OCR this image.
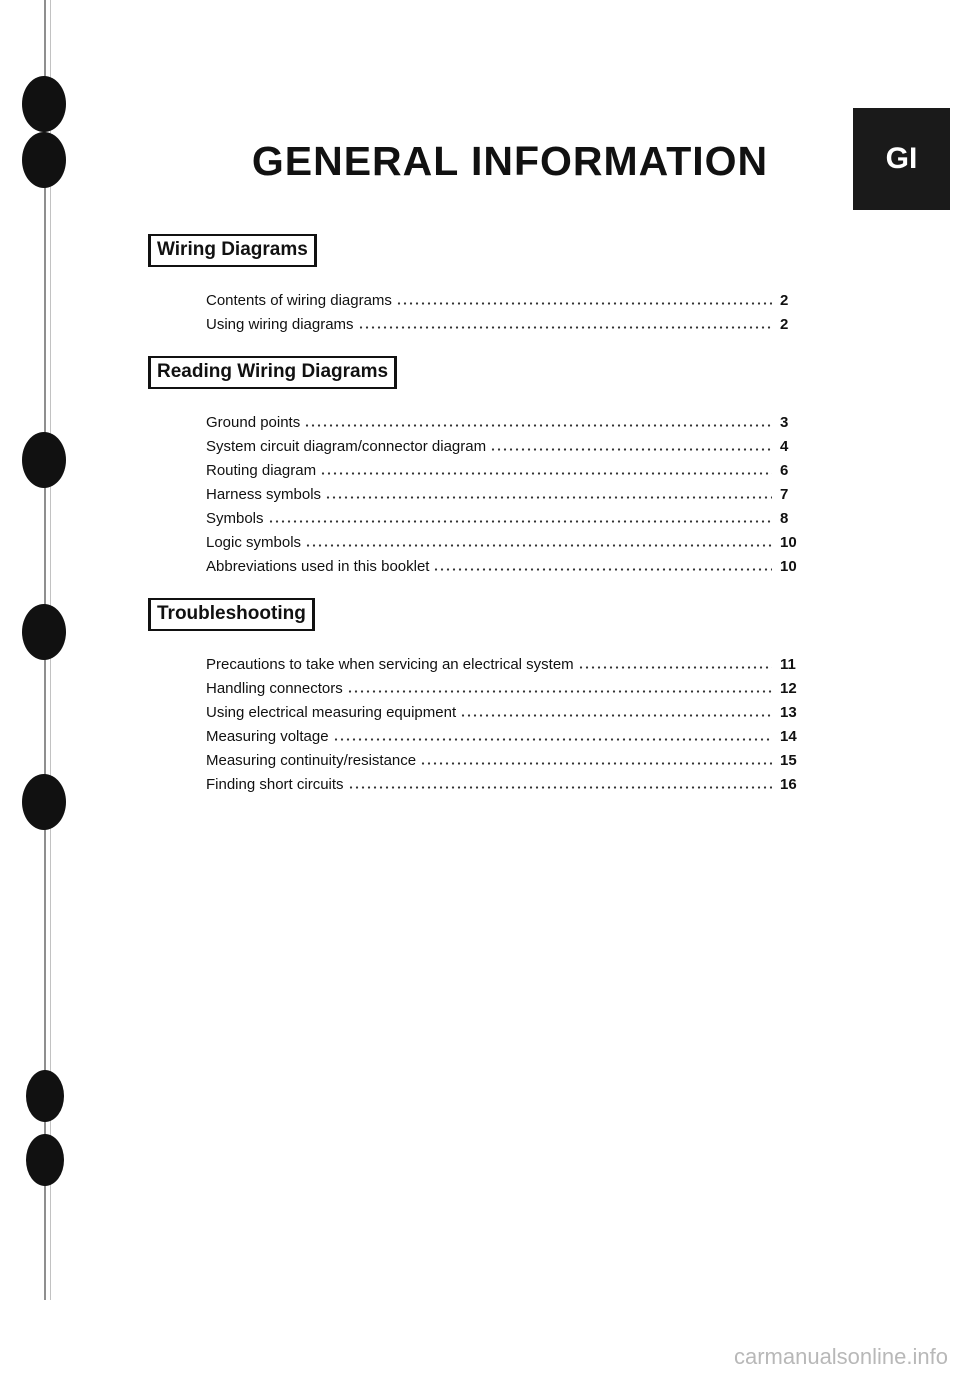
GENERAL INFORMATION	GI
Wiring Diagrams
Contents of wiring diagrams	2
Using wiring diagrams	2
Reading Wiring Diagrams
Ground points	3
System circuit diagram/connector diagram	4
Routing diagram	6
Harness symbols	7
Symbols	8
Logic symbols	10
Abbreviations used in this booklet	10
Troubleshooting
Precautions to take when servicing an electrical system	11
Handling connectors	12
Using electrical measuring equipment	13
Measuring voltage	14
Measuring continuity/resistance	15
Finding short circuits	16
carmanualsonline.info
